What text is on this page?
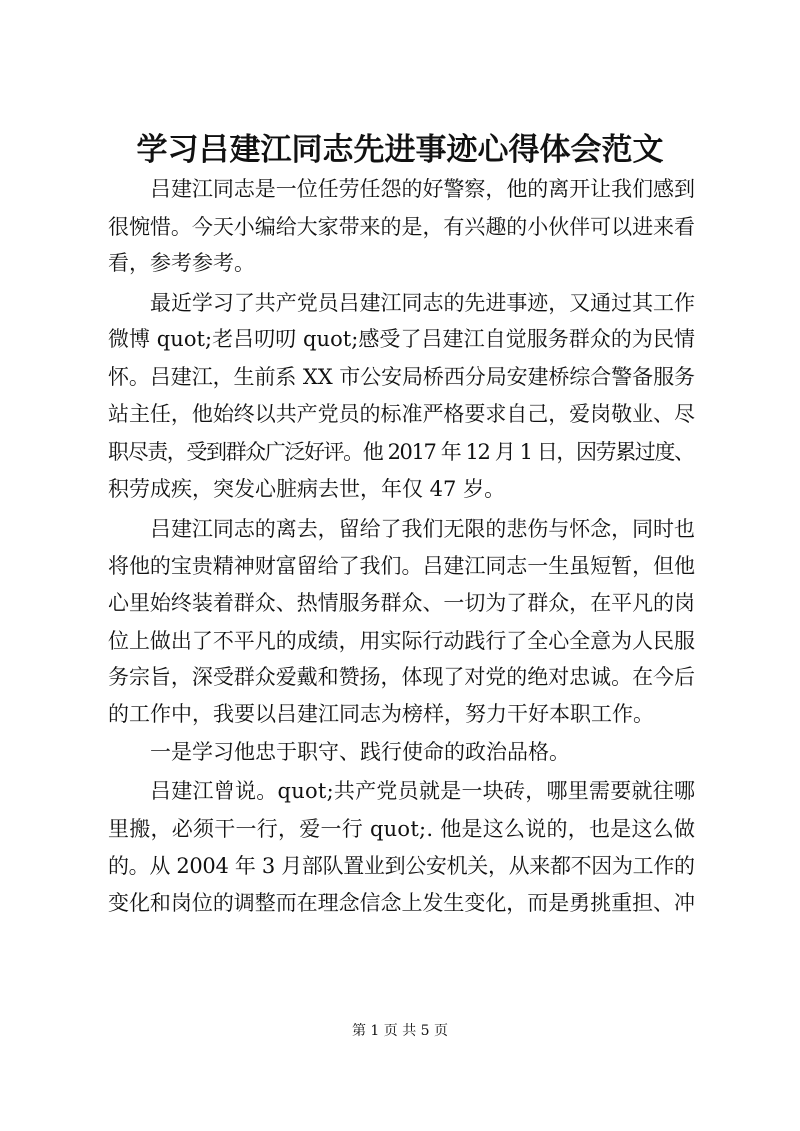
学习吕建江同志先进事迹心得体会范文
吕建江同志是一位任劳任怨的好警察，他的离开让我们感到
很惋惜。今天小编给大家带来的是，有兴趣的小伙伴可以进来看
看，参考参考。
最近学习了共产党员吕建江同志的先进事迹，又通过其工作
微博 quot;老吕叨叨 quot;感受了吕建江自觉服务群众的为民情
怀。吕建江，生前系 XX 市公安局桥西分局安建桥综合警备服务
站主任，他始终以共产党员的标准严格要求自己，爱岗敬业、尽
职尽责，受到群众广泛好评。他 2017 年 12 月 1 日，因劳累过度、
积劳成疾，突发心脏病去世，年仅 47 岁。
吕建江同志的离去，留给了我们无限的悲伤与怀念，同时也
将他的宝贵精神财富留给了我们。吕建江同志一生虽短暂，但他
心里始终装着群众、热情服务群众、一切为了群众，在平凡的岗
位上做出了不平凡的成绩，用实际行动践行了全心全意为人民服
务宗旨，深受群众爱戴和赞扬，体现了对党的绝对忠诚。在今后
的工作中，我要以吕建江同志为榜样，努力干好本职工作。
一是学习他忠于职守、践行使命的政治品格。
吕建江曾说。quot;共产党员就是一块砖，哪里需要就往哪
里搬，必须干一行，爱一行 quot;. 他是这么说的，也是这么做
的。从 2004 年 3 月部队置业到公安机关，从来都不因为工作的
变化和岗位的调整而在理念信念上发生变化，而是勇挑重担、冲
第 1 页 共 5 页
